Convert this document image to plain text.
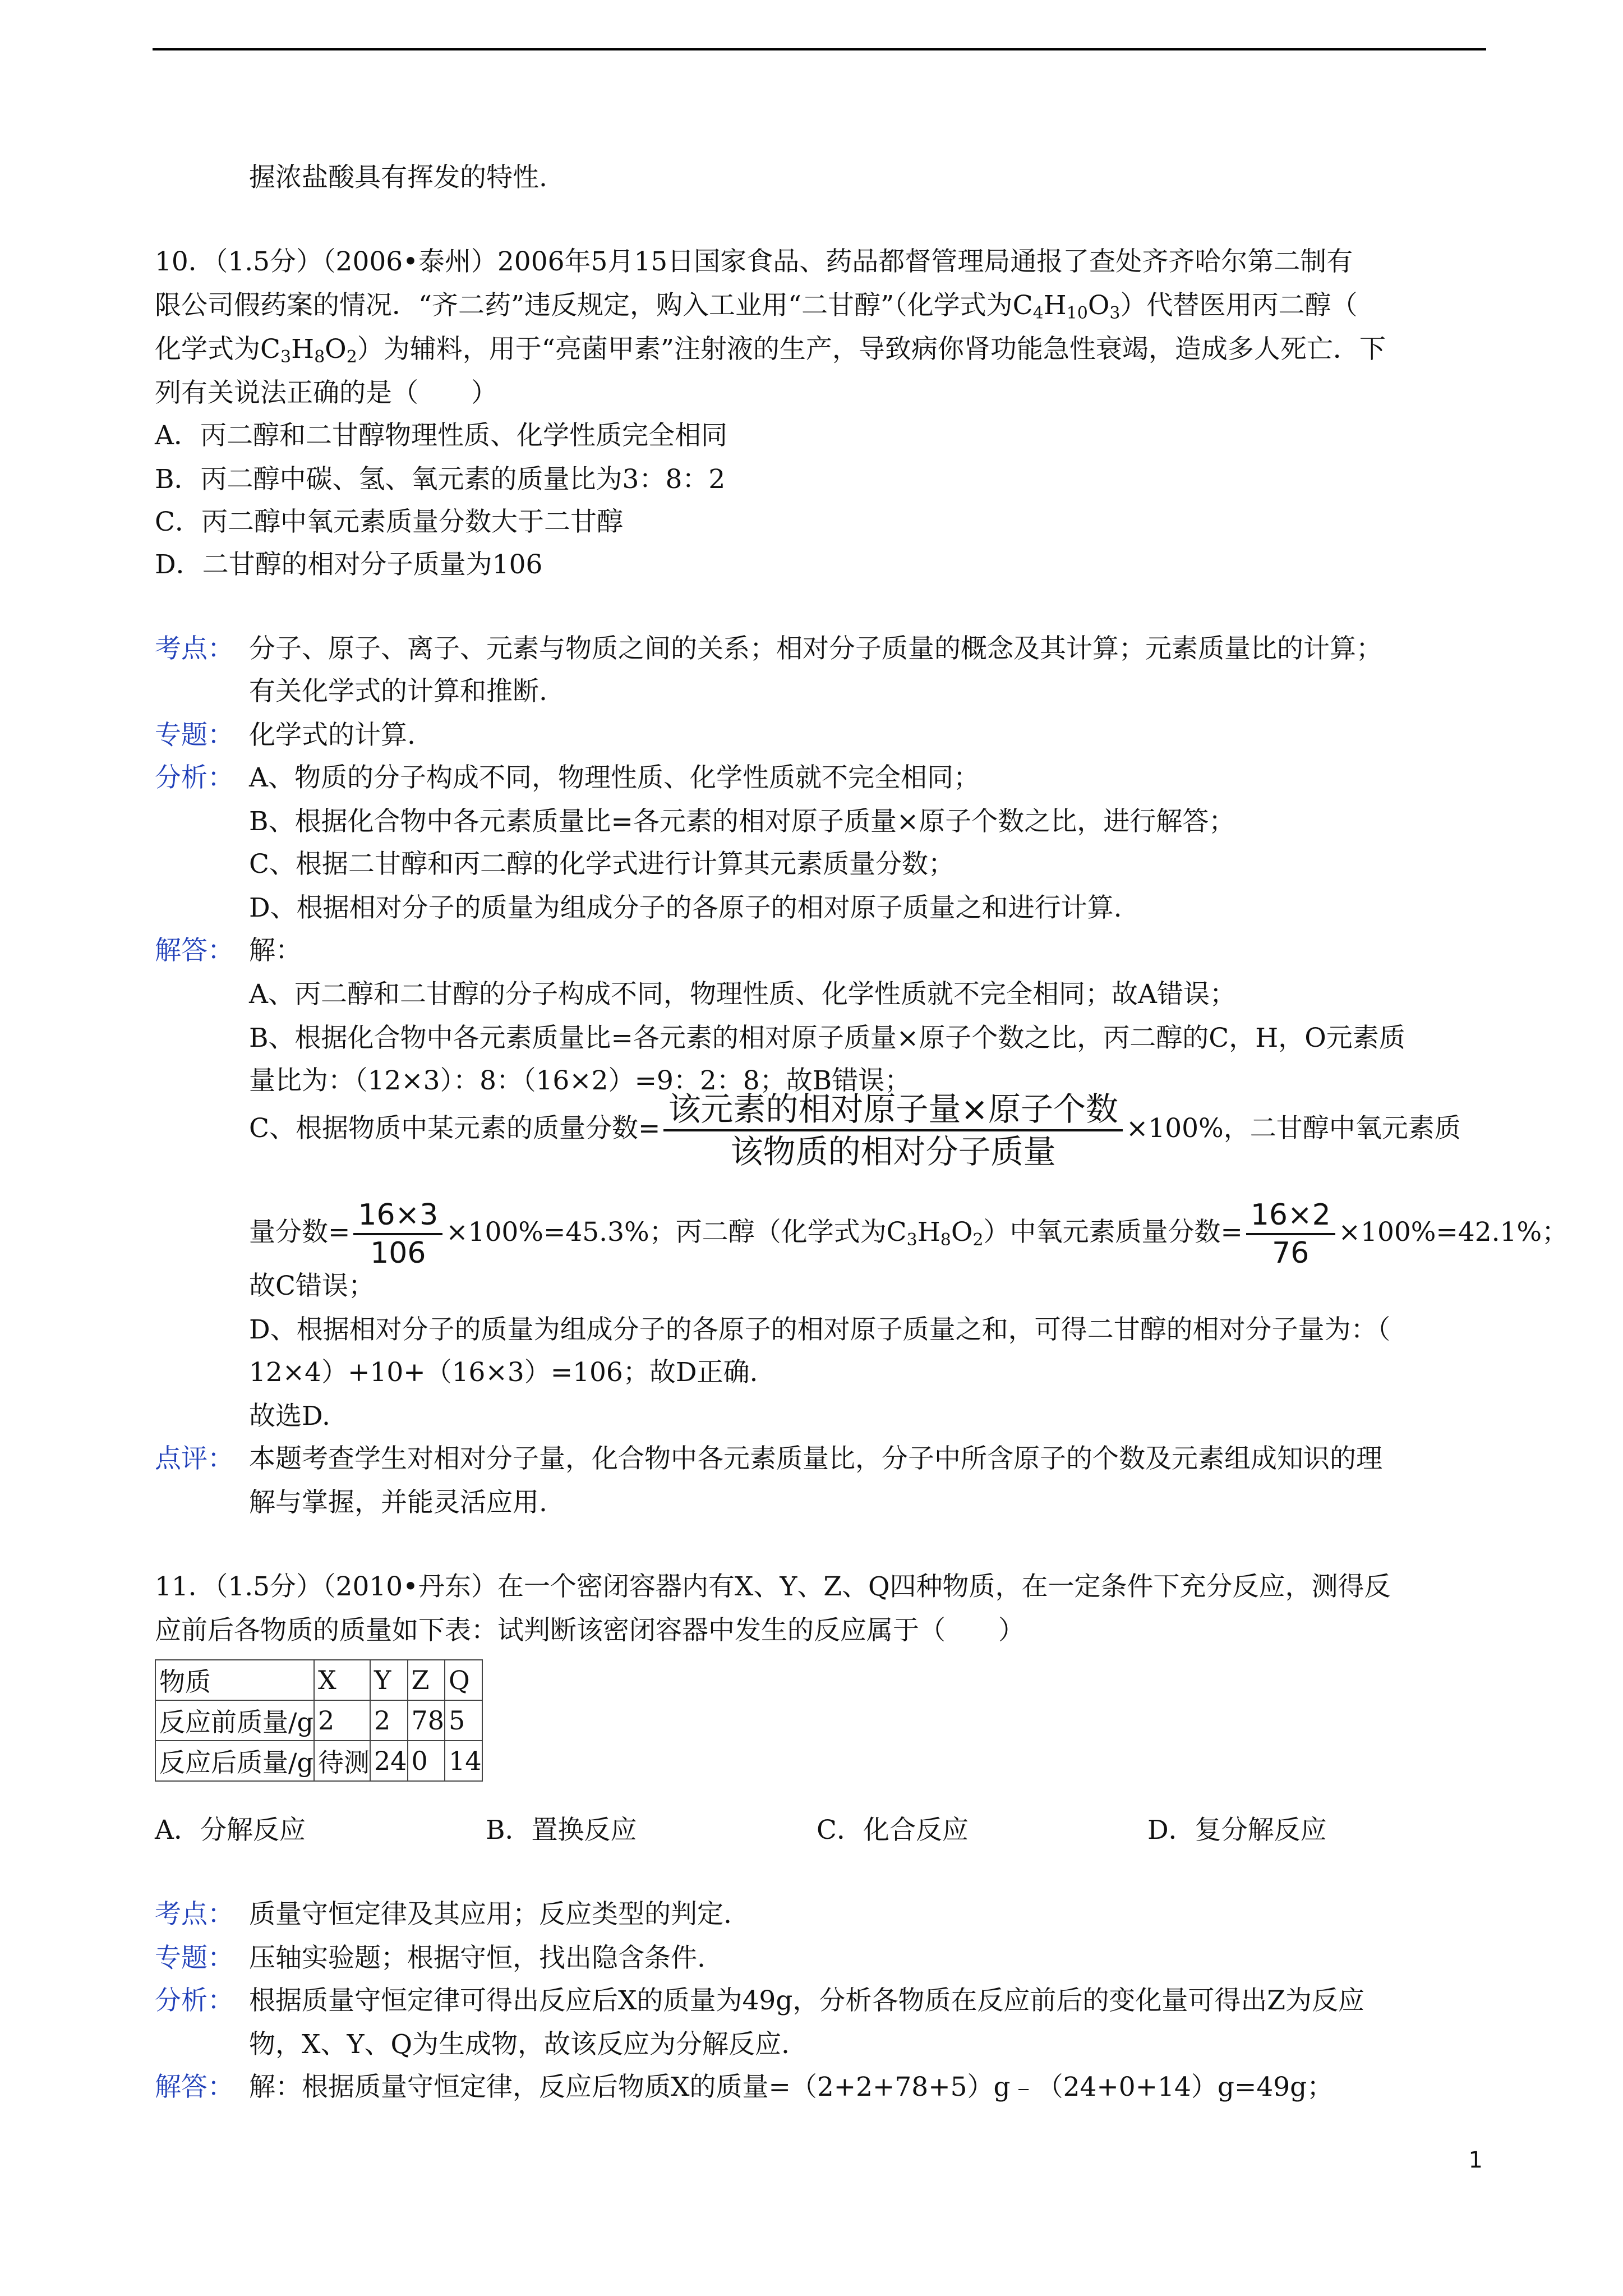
握浓盐酸具有挥发的特性.
10．（1.5分）（2006•泰州）2006年5月15日国家食品、药品都督管理局通报了查处齐齐哈尔第二制有
限公司假药案的情况．“齐二药”违反规定，购入工业用“二甘醇”（化学式为$C_4H_{10}O_3$）代替医用丙二醇（
化学式为$C_3H_8O_2$）为辅料，用于“亮菌甲素”注射液的生产，导致病你肾功能急性衰竭，造成多人死亡．下
列有关说法正确的是（　　）
A．丙二醇和二甘醇物理性质、化学性质完全相同
B．丙二醇中碳、氢、氧元素的质量比为3：8：2
C．丙二醇中氧元素质量分数大于二甘醇
D．二甘醇的相对分子质量为106
考点： 分子、原子、离子、元素与物质之间的关系；相对分子质量的概念及其计算；元素质量比的计算；
有关化学式的计算和推断.
专题： 化学式的计算.
分析： A、物质的分子构成不同，物理性质、化学性质就不完全相同；
B、根据化合物中各元素质量比=各元素的相对原子质量×原子个数之比，进行解答；
C、根据二甘醇和丙二醇的化学式进行计算其元素质量分数；
D、根据相对分子的质量为组成分子的各原子的相对原子质量之和进行计算.
解答： 解：
A、丙二醇和二甘醇的分子构成不同，物理性质、化学性质就不完全相同；故A错误；
B、根据化合物中各元素质量比=各元素的相对原子质量×原子个数之比，丙二醇的C，H，O元素质
量比为：（12×3）：8：（16×2）=9：2：8；故B错误；
C、根据物质中某元素的质量分数= $\frac{\text{该元素的相对原子量×原子个数}}{\text{该物质的相对分子质量}} \times 100\%$，二甘醇中氧元素质
量分数= $\frac{16\times 3}{106} \times 100\%=45.3\%$；丙二醇（化学式为$C_3H_8O_2$）中氧元素质量分数= $\frac{16\times 2}{76} \times 100\%=42.1\%$；
故C错误；
D、根据相对分子的质量为组成分子的各原子的相对原子质量之和，可得二甘醇的相对分子量为：（
12×4）+10+（16×3）=106；故D正确.
故选D.
点评： 本题考查学生对相对分子量，化合物中各元素质量比，分子中所含原子的个数及元素组成知识的理
解与掌握，并能灵活应用.
11．（1.5分）（2010•丹东）在一个密闭容器内有X、Y、Z、Q四种物质，在一定条件下充分反应，测得反
应前后各物质的质量如下表：试判断该密闭容器中发生的反应属于（　　）
物质	X	Y	Z	Q
反应前质量/g	2	2	78	5
反应后质量/g	待测	24	0	14
A．分解反应	B．置换反应	C．化合反应	D．复分解反应
考点： 质量守恒定律及其应用；反应类型的判定.
专题： 压轴实验题；根据守恒，找出隐含条件.
分析： 根据质量守恒定律可得出反应后X的质量为49g，分析各物质在反应前后的变化量可得出Z为反应
物，X、Y、Q为生成物，故该反应为分解反应.
解答： 解：根据质量守恒定律，反应后物质X的质量=（2+2+78+5）g﹣（24+0+14）g=49g；
1
